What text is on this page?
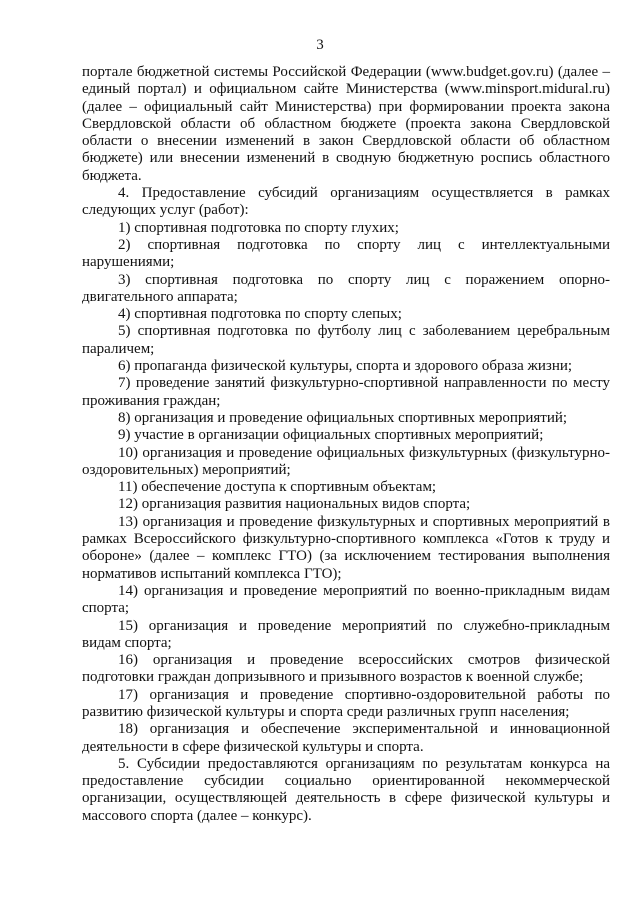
3

порталe бюджетной системы Российской Федерации (www.budget.gov.ru) (далее – единый портал) и официальном сайте Министерства (www.minsport.midural.ru) (далее – официальный сайт Министерства) при формировании проекта закона Свердловской области об областном бюджете (проекта закона Свердловской области о внесении изменений в закон Свердловской области об областном бюджете) или внесении изменений в сводную бюджетную роспись областного бюджета.

4. Предоставление субсидий организациям осуществляется в рамках следующих услуг (работ):

1) спортивная подготовка по спорту глухих;

2) спортивная подготовка по спорту лиц с интеллектуальными нарушениями;

3) спортивная подготовка по спорту лиц с поражением опорно-двигательного аппарата;

4) спортивная подготовка по спорту слепых;

5) спортивная подготовка по футболу лиц с заболеванием церебральным параличем;

6) пропаганда физической культуры, спорта и здорового образа жизни;

7) проведение занятий физкультурно-спортивной направленности по месту проживания граждан;

8) организация и проведение официальных спортивных мероприятий;

9) участие в организации официальных спортивных мероприятий;

10) организация и проведение официальных физкультурных (физкультурно-оздоровительных) мероприятий;

11) обеспечение доступа к спортивным объектам;

12) организация развития национальных видов спорта;

13) организация и проведение физкультурных и спортивных мероприятий в рамках Всероссийского физкультурно-спортивного комплекса «Готов к труду и обороне» (далее – комплекс ГТО) (за исключением тестирования выполнения нормативов испытаний комплекса ГТО);

14) организация и проведение мероприятий по военно-прикладным видам спорта;

15) организация и проведение мероприятий по служебно-прикладным видам спорта;

16) организация и проведение всероссийских смотров физической подготовки граждан допризывного и призывного возрастов к военной службе;

17) организация и проведение спортивно-оздоровительной работы по развитию физической культуры и спорта среди различных групп населения;

18) организация и обеспечение экспериментальной и инновационной деятельности в сфере физической культуры и спорта.

5. Субсидии предоставляются организациям по результатам конкурса на предоставление субсидии социально ориентированной некоммерческой организации, осуществляющей деятельность в сфере физической культуры и массового спорта (далее – конкурс).
